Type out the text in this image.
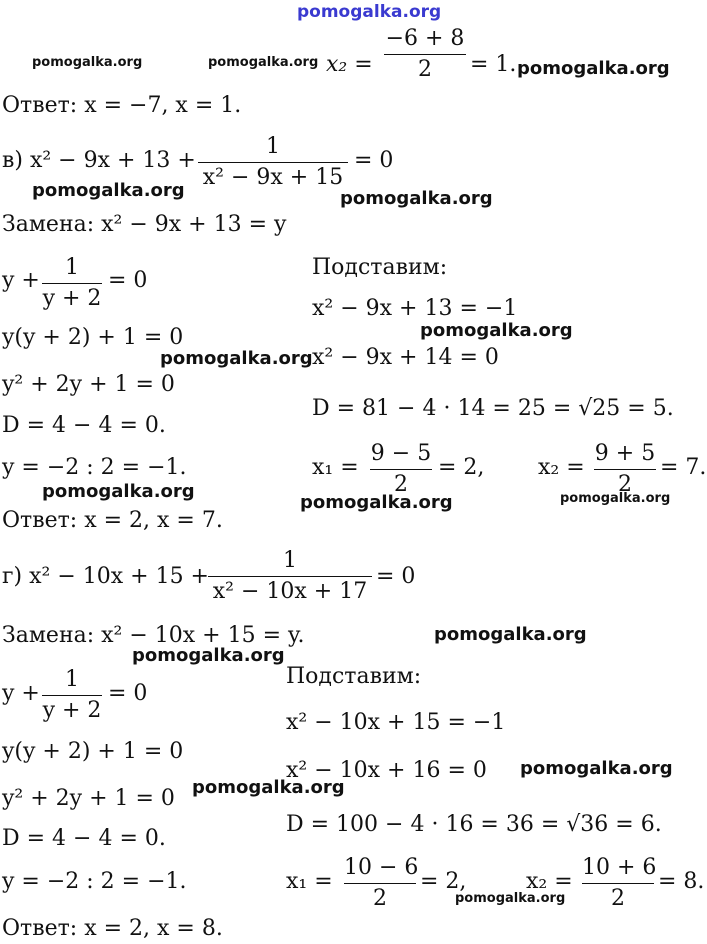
pomogalka.org
x₂ =
−6 + 8
2	= 1. pomogalka.org
pomogalka.org	pomogalka.org
Ответ: x = −7, x = 1.
в) x² − 9x + 13 +
1
x² − 9x + 15
= 0
pomogalka.org	pomogalka.org
Замена: x² − 9x + 13 = y
y +
1
y + 2
= 0
y(y + 2) + 1 = 0
pomogalka.org
y² + 2y + 1 = 0
D = 4 − 4 = 0.
y = −2 : 2 = −1.
pomogalka.org
Ответ: x = 2, x = 7.
Подставим:
x² − 9x + 13 = −1
pomogalka.org
x² − 9x + 14 = 0
D = 81 − 4 · 14 = 25 = √25 = 5.
x₁ =
9 − 5
2
= 2, x₂ =
9 + 5
2
= 7.
pomogalka.org	pomogalka.org
г) x² − 10x + 15 +
1
x² − 10x + 17
= 0
Замена: x² − 10x + 15 = y.	pomogalka.org
pomogalka.org
y +
1
y + 2
= 0
Подставим:
x² − 10x + 15 = −1
y(y + 2) + 1 = 0
x² − 10x + 16 = 0 pomogalka.org
pomogalka.org
y² + 2y + 1 = 0
D = 100 − 4 · 16 = 36 = √36 = 6.
D = 4 − 4 = 0.
x₁ =
10 − 6
2
= 2,
y = −2 : 2 = −1.
pomogalka.org
x₂ =
10 + 6
2
= 8.
Ответ: x = 2, x = 8.
